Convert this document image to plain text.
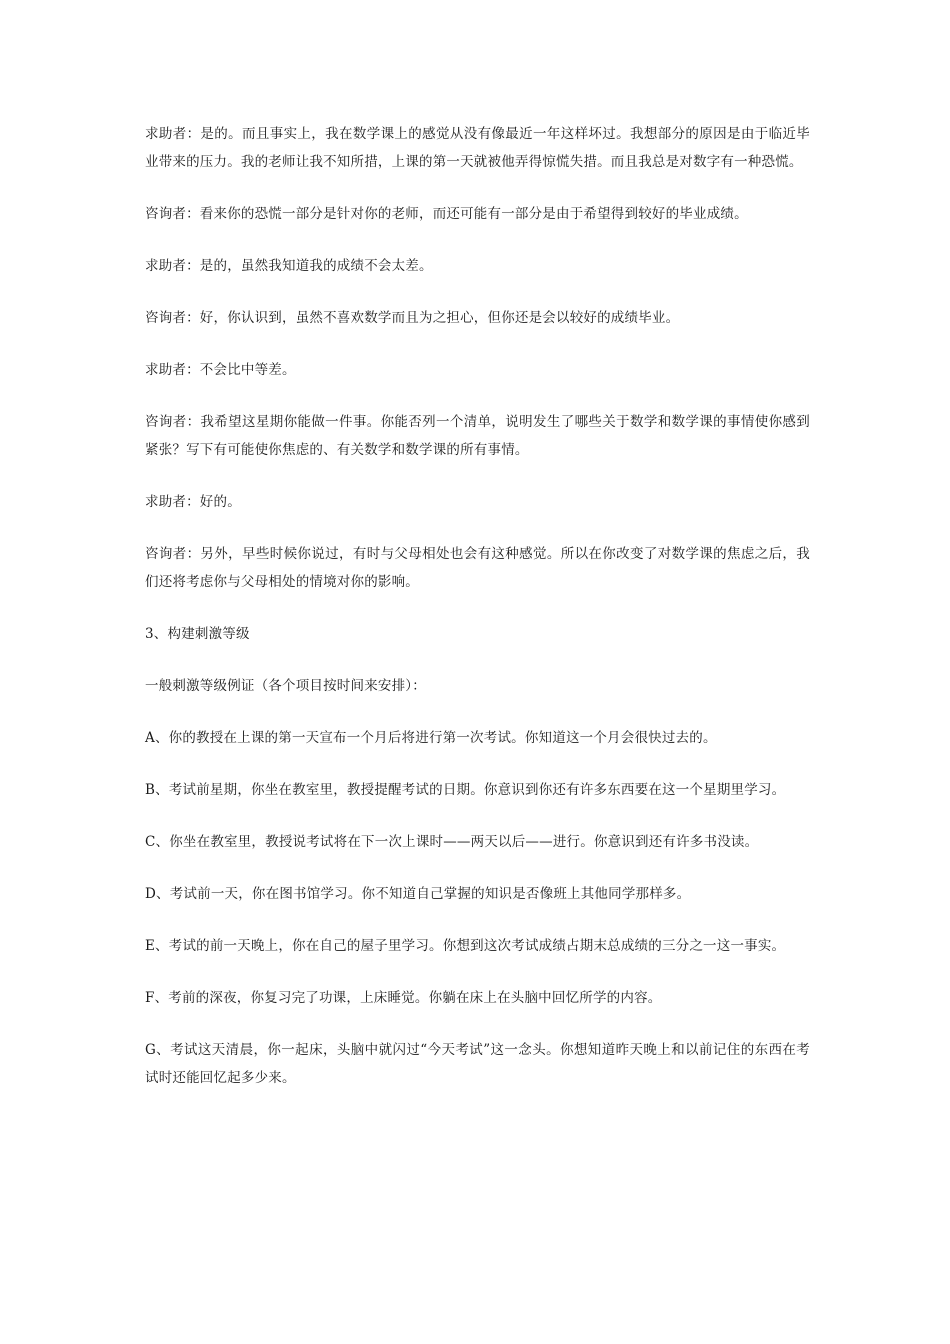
求助者：是的。而且事实上，我在数学课上的感觉从没有像最近一年这样坏过。我想部分的原因是由于临近毕业带来的压力。我的老师让我不知所措，上课的第一天就被他弄得惊慌失措。而且我总是对数字有一种恐慌。

咨询者：看来你的恐慌一部分是针对你的老师，而还可能有一部分是由于希望得到较好的毕业成绩。

求助者：是的，虽然我知道我的成绩不会太差。

咨询者：好，你认识到，虽然不喜欢数学而且为之担心，但你还是会以较好的成绩毕业。

求助者：不会比中等差。

咨询者：我希望这星期你能做一件事。你能否列一个清单，说明发生了哪些关于数学和数学课的事情使你感到紧张？写下有可能使你焦虑的、有关数学和数学课的所有事情。

求助者：好的。

咨询者：另外，早些时候你说过，有时与父母相处也会有这种感觉。所以在你改变了对数学课的焦虑之后，我们还将考虑你与父母相处的情境对你的影响。

3、构建刺激等级

一般刺激等级例证（各个项目按时间来安排）：

A、你的教授在上课的第一天宣布一个月后将进行第一次考试。你知道这一个月会很快过去的。

B、考试前星期，你坐在教室里，教授提醒考试的日期。你意识到你还有许多东西要在这一个星期里学习。

C、你坐在教室里，教授说考试将在下一次上课时——两天以后——进行。你意识到还有许多书没读。

D、考试前一天，你在图书馆学习。你不知道自己掌握的知识是否像班上其他同学那样多。

E、考试的前一天晚上，你在自己的屋子里学习。你想到这次考试成绩占期末总成绩的三分之一这一事实。

F、考前的深夜，你复习完了功课，上床睡觉。你躺在床上在头脑中回忆所学的内容。

G、考试这天清晨，你一起床，头脑中就闪过“今天考试”这一念头。你想知道昨天晚上和以前记住的东西在考试时还能回忆起多少来。
